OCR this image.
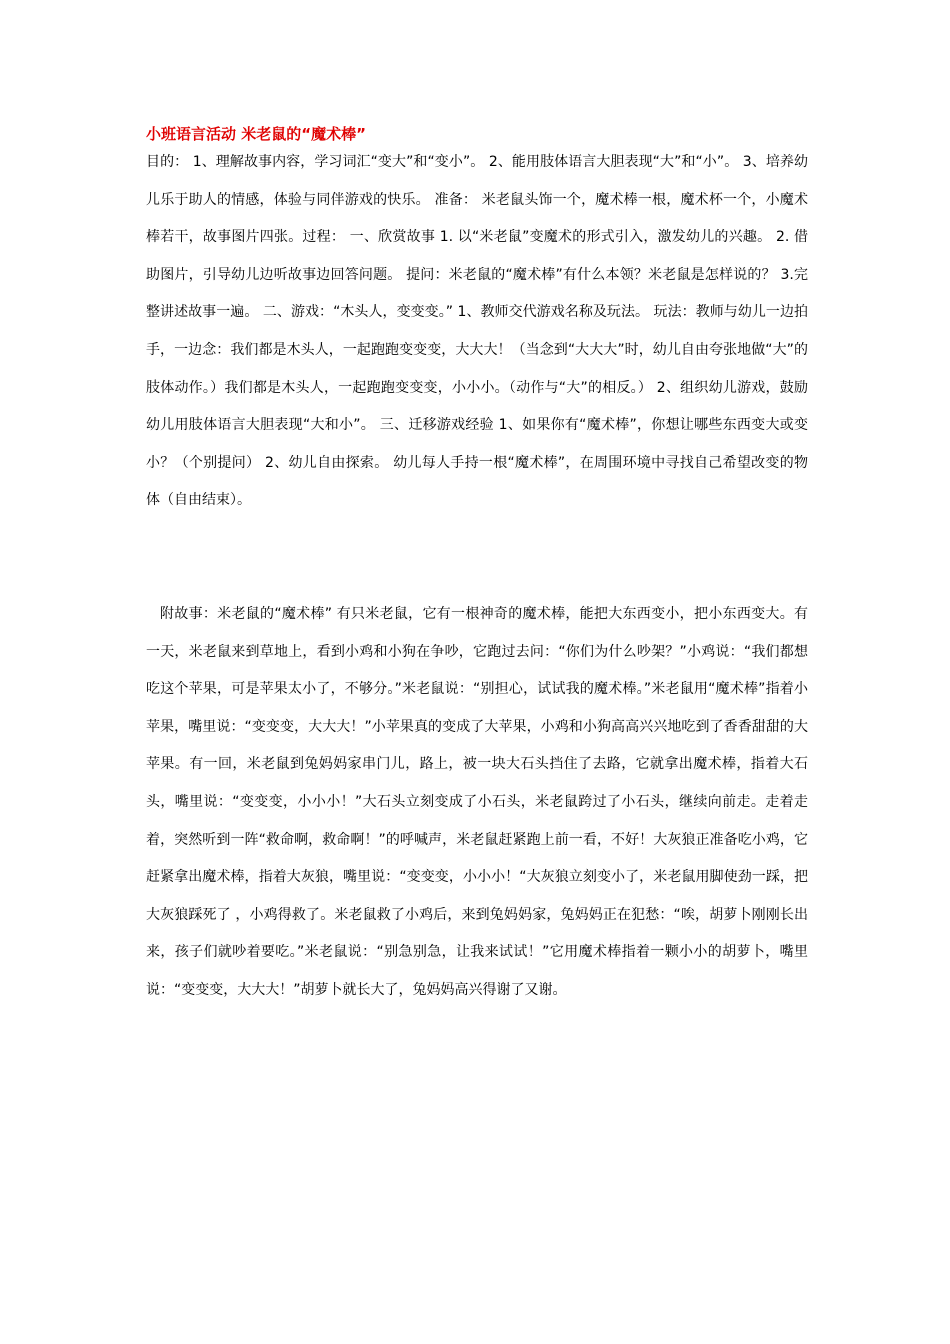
小班语言活动 米老鼠的“魔术棒”

目的： 1、理解故事内容，学习词汇“变大”和“变小”。 2、能用肢体语言大胆表现“大”和“小”。 3、培养幼儿乐于助人的情感，体验与同伴游戏的快乐。 准备： 米老鼠头饰一个，魔术棒一根，魔术杯一个，小魔术棒若干，故事图片四张。过程： 一、欣赏故事 1. 以“米老鼠”变魔术的形式引入，激发幼儿的兴趣。 2. 借助图片，引导幼儿边听故事边回答问题。 提问：米老鼠的“魔术棒”有什么本领？米老鼠是怎样说的？ 3.完整讲述故事一遍。 二、游戏：“木头人，变变变。” 1、教师交代游戏名称及玩法。 玩法：教师与幼儿一边拍手，一边念：我们都是木头人，一起跑跑变变变，大大大！（当念到“大大大”时，幼儿自由夸张地做“大”的肢体动作。）我们都是木头人，一起跑跑变变变，小小小。（动作与“大”的相反。） 2、组织幼儿游戏，鼓励幼儿用肢体语言大胆表现“大和小”。 三、迁移游戏经验 1、如果你有“魔术棒”，你想让哪些东西变大或变小？（个别提问） 2、幼儿自由探索。 幼儿每人手持一根“魔术棒”，在周围环境中寻找自己希望改变的物体（自由结束）。

附故事：米老鼠的“魔术棒” 有只米老鼠，它有一根神奇的魔术棒，能把大东西变小，把小东西变大。有一天，米老鼠来到草地上，看到小鸡和小狗在争吵，它跑过去问：“你们为什么吵架？”小鸡说：“我们都想吃这个苹果，可是苹果太小了，不够分。”米老鼠说：“别担心，试试我的魔术棒。”米老鼠用“魔术棒”指着小苹果，嘴里说：“变变变，大大大！”小苹果真的变成了大苹果，小鸡和小狗高高兴兴地吃到了香香甜甜的大苹果。有一回，米老鼠到兔妈妈家串门儿，路上，被一块大石头挡住了去路，它就拿出魔术棒，指着大石头，嘴里说：“变变变，小小小！”大石头立刻变成了小石头，米老鼠跨过了小石头，继续向前走。走着走着，突然听到一阵“救命啊，救命啊！”的呼喊声，米老鼠赶紧跑上前一看，不好！大灰狼正准备吃小鸡，它赶紧拿出魔术棒，指着大灰狼，嘴里说：“变变变，小小小！“大灰狼立刻变小了，米老鼠用脚使劲一踩，把大灰狼踩死了 ，小鸡得救了。米老鼠救了小鸡后，来到兔妈妈家，兔妈妈正在犯愁：“唉，胡萝卜刚刚长出来，孩子们就吵着要吃。”米老鼠说：“别急别急，让我来试试！”它用魔术棒指着一颗小小的胡萝卜，嘴里说：“变变变，大大大！”胡萝卜就长大了，兔妈妈高兴得谢了又谢。
